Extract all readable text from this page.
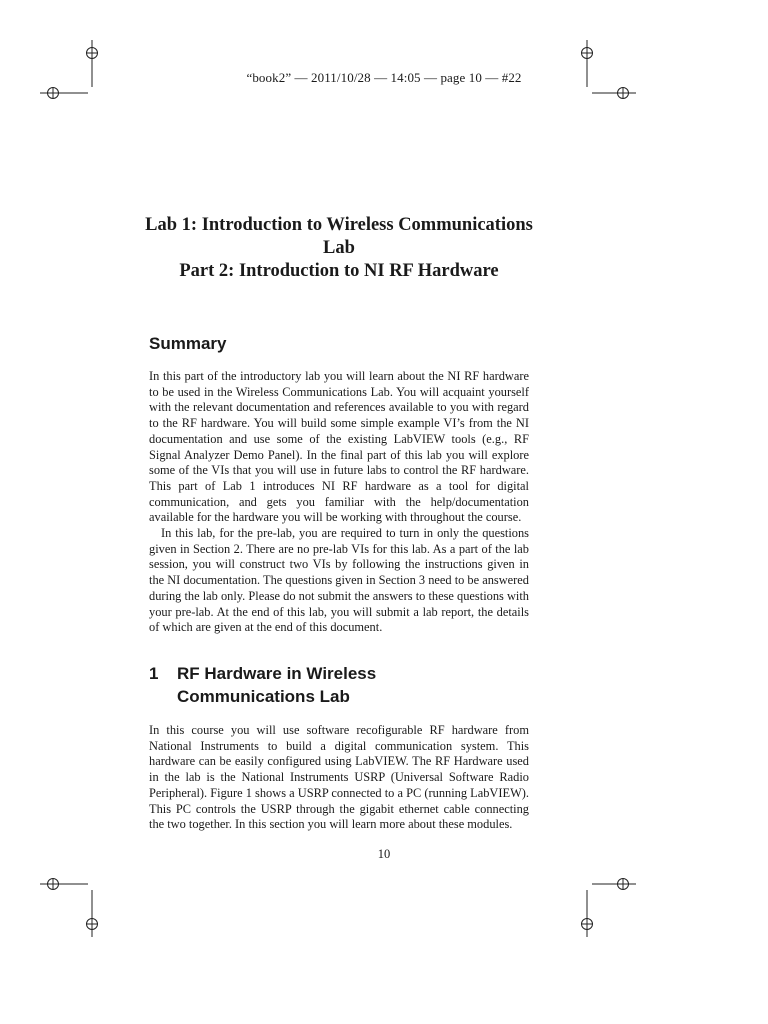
“book2” — 2011/10/28 — 14:05 — page 10 — #22
Lab 1: Introduction to Wireless Communications
Lab
Part 2: Introduction to NI RF Hardware
Summary

In this part of the introductory lab you will learn about the NI RF hardware to be used in the Wireless Communications Lab. You will acquaint yourself with the relevant documentation and references available to you with regard to the RF hardware. You will build some simple example VI’s from the NI documentation and use some of the existing LabVIEW tools (e.g., RF Signal Analyzer Demo Panel). In the final part of this lab you will explore some of the VIs that you will use in future labs to control the RF hardware. This part of Lab 1 introduces NI RF hardware as a tool for digital communication, and gets you familiar with the help/documentation available for the hardware you will be working with throughout the course.

In this lab, for the pre-lab, you are required to turn in only the questions given in Section 2. There are no pre-lab VIs for this lab. As a part of the lab session, you will construct two VIs by following the instructions given in the NI documentation. The questions given in Section 3 need to be answered during the lab only. Please do not submit the answers to these questions with your pre-lab. At the end of this lab, you will submit a lab report, the details of which are given at the end of this document.

1 RF Hardware in Wireless
Communications Lab

In this course you will use software recofigurable RF hardware from National Instruments to build a digital communication system. This hardware can be easily configured using LabVIEW. The RF Hardware used in the lab is the National Instruments USRP (Universal Software Radio Peripheral). Figure 1 shows a USRP connected to a PC (running LabVIEW). This PC controls the USRP through the gigabit ethernet cable connecting the two together. In this section you will learn more about these modules.

10
